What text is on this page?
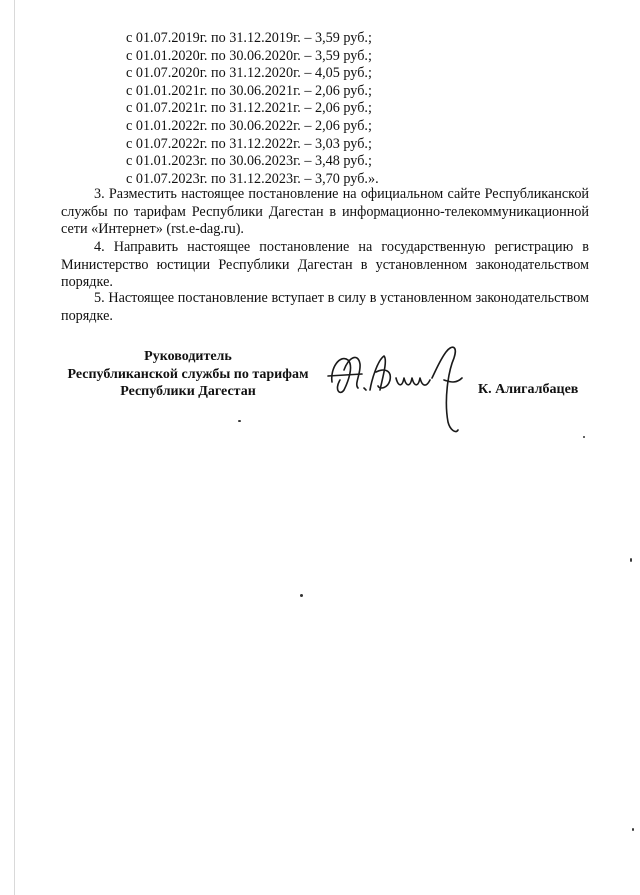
с 01.07.2019г. по 31.12.2019г. – 3,59 руб.;
с 01.01.2020г. по 30.06.2020г. – 3,59 руб.;
с 01.07.2020г. по 31.12.2020г. – 4,05 руб.;
с 01.01.2021г. по 30.06.2021г. – 2,06 руб.;
с 01.07.2021г. по 31.12.2021г. – 2,06 руб.;
с 01.01.2022г. по 30.06.2022г. – 2,06 руб.;
с 01.07.2022г. по 31.12.2022г. – 3,03 руб.;
с 01.01.2023г. по 30.06.2023г. – 3,48 руб.;
с 01.07.2023г. по 31.12.2023г. – 3,70 руб.».
3. Разместить настоящее постановление на официальном сайте Республиканской службы по тарифам Республики Дагестан в информационно-телекоммуникационной сети «Интернет» (rst.e-dag.ru).
4. Направить настоящее постановление на государственную регистрацию в Министерство юстиции Республики Дагестан в установленном законодательством порядке.
5. Настоящее постановление вступает в силу в установленном законодательством порядке.
Руководитель
Республиканской службы по тарифам
Республики Дагестан	К. Алигалбацев
